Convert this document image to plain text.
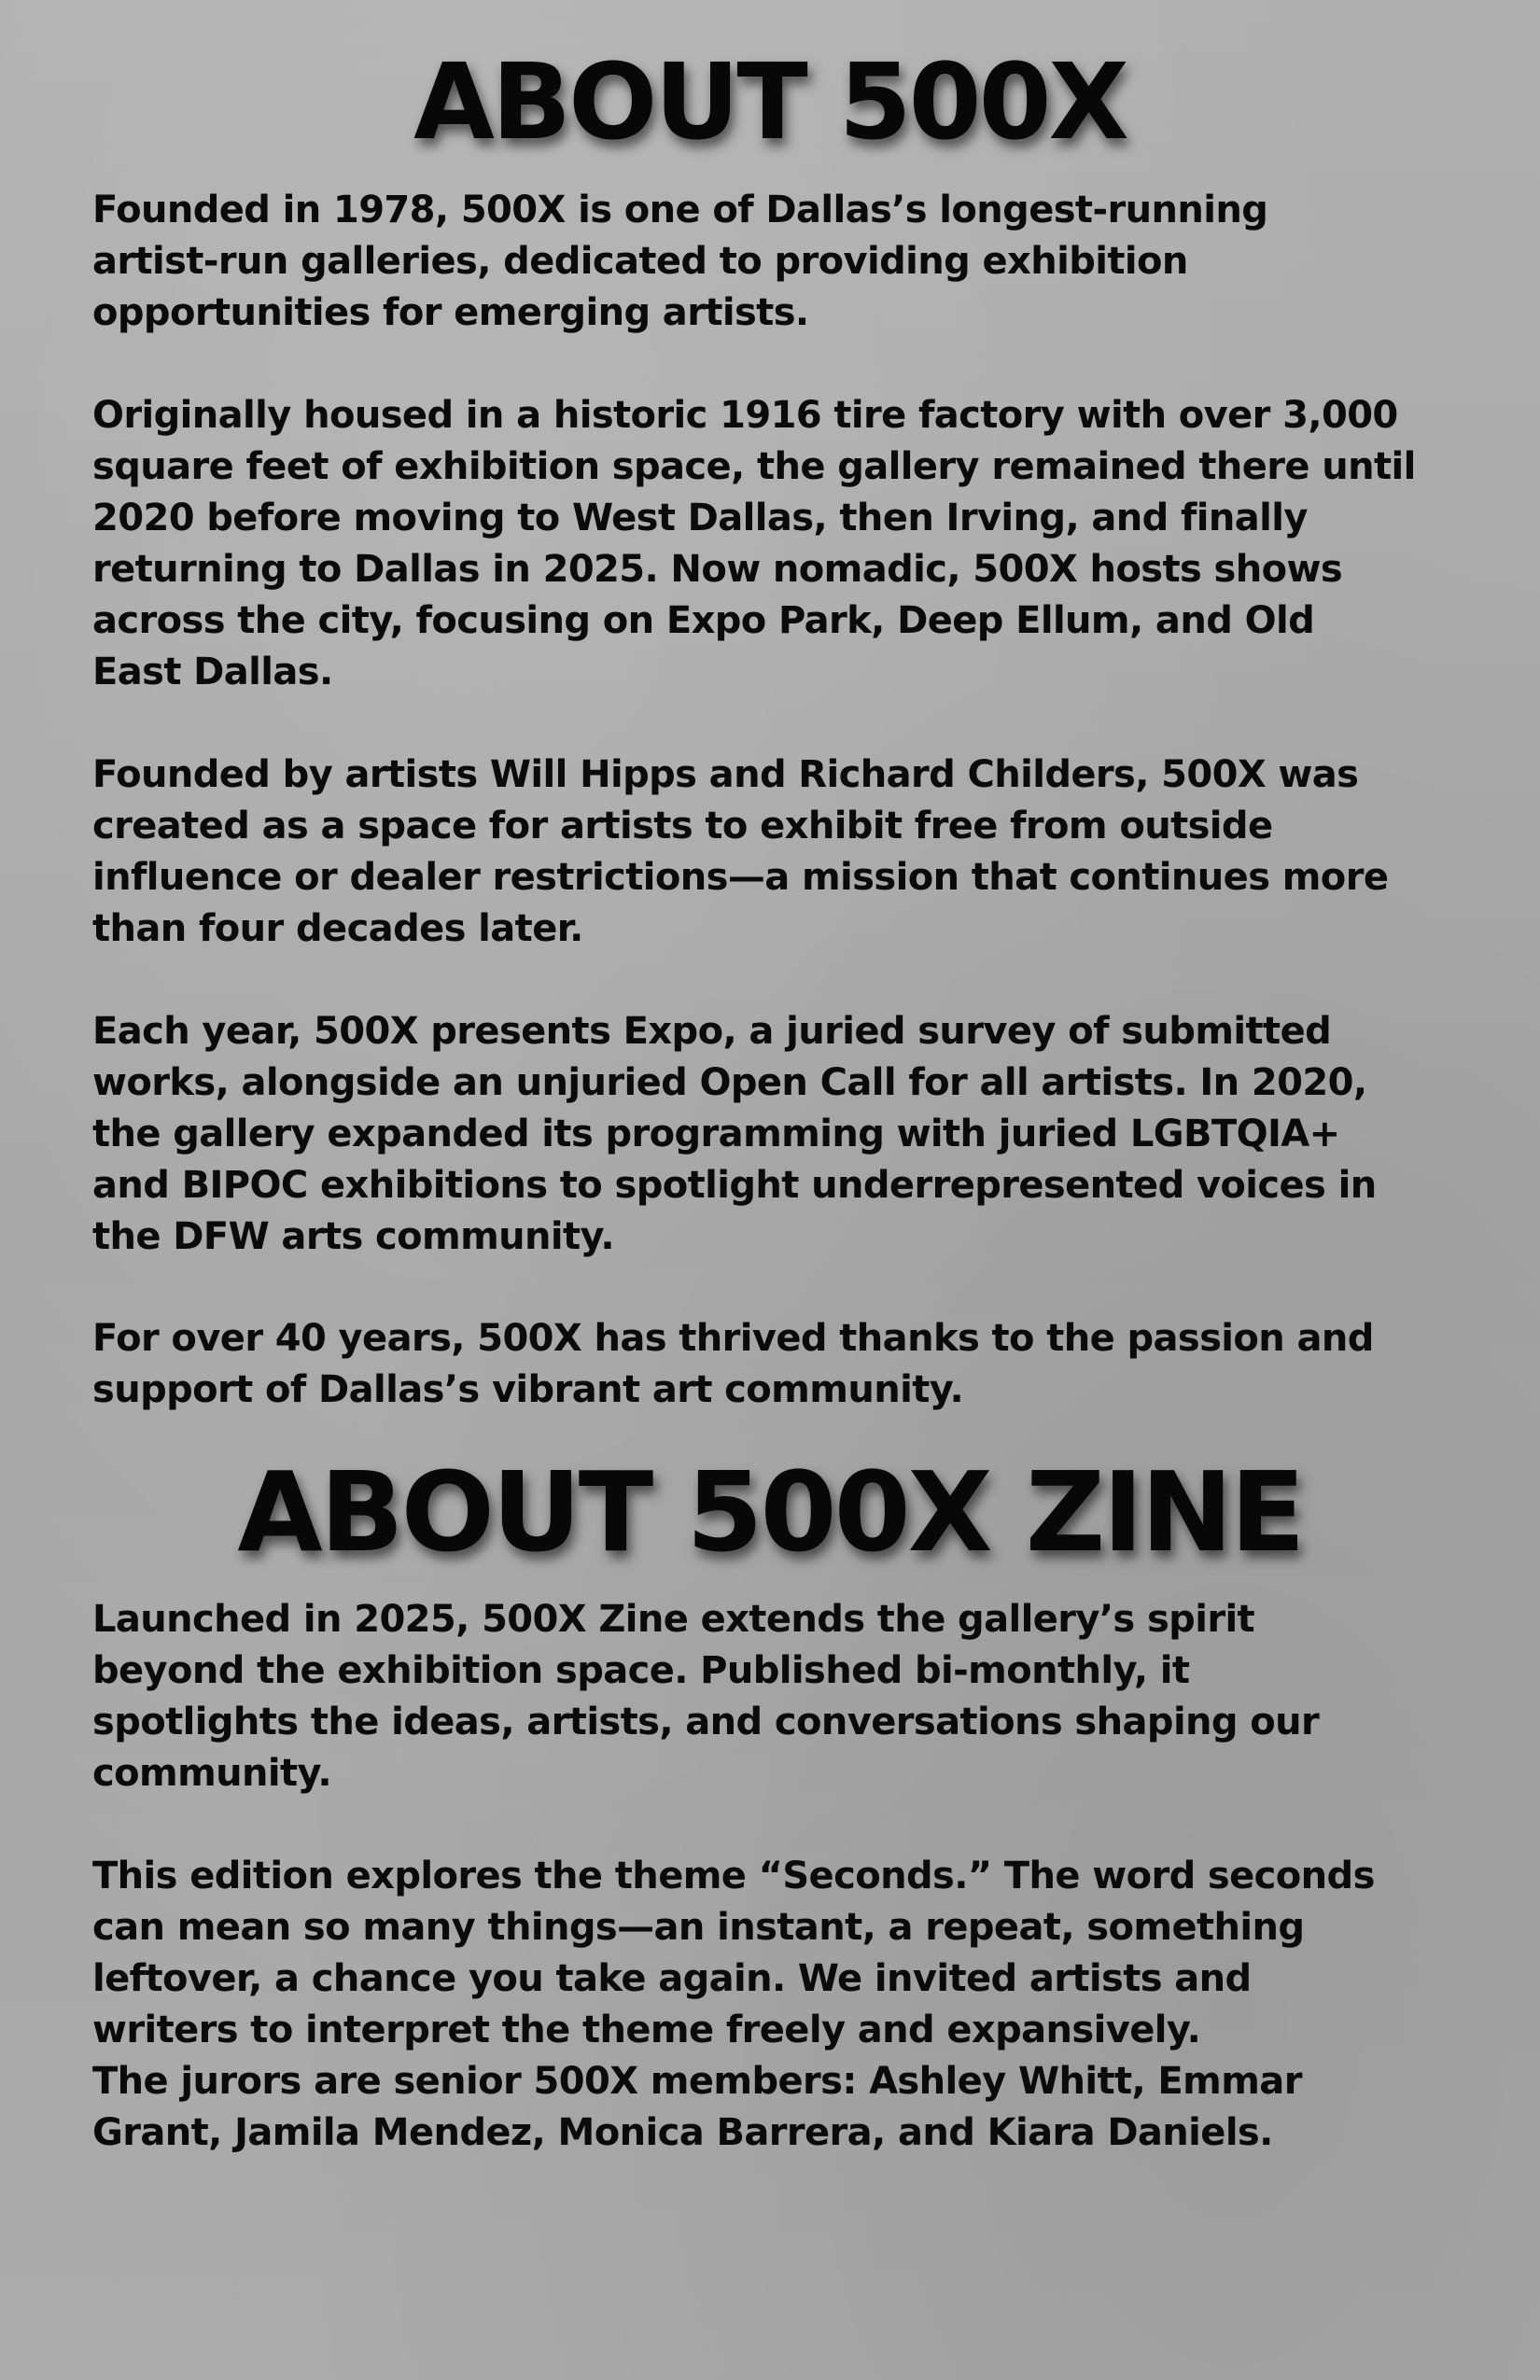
ABOUT 500X

Founded in 1978, 500X is one of Dallas’s longest-running
artist-run galleries, dedicated to providing exhibition
opportunities for emerging artists.

Originally housed in a historic 1916 tire factory with over 3,000
square feet of exhibition space, the gallery remained there until
2020 before moving to West Dallas, then Irving, and finally
returning to Dallas in 2025. Now nomadic, 500X hosts shows
across the city, focusing on Expo Park, Deep Ellum, and Old
East Dallas.

Founded by artists Will Hipps and Richard Childers, 500X was
created as a space for artists to exhibit free from outside
influence or dealer restrictions—a mission that continues more
than four decades later.

Each year, 500X presents Expo, a juried survey of submitted
works, alongside an unjuried Open Call for all artists. In 2020,
the gallery expanded its programming with juried LGBTQIA+
and BIPOC exhibitions to spotlight underrepresented voices in
the DFW arts community.

For over 40 years, 500X has thrived thanks to the passion and
support of Dallas’s vibrant art community.

ABOUT 500X ZINE

Launched in 2025, 500X Zine extends the gallery’s spirit
beyond the exhibition space. Published bi-monthly, it
spotlights the ideas, artists, and conversations shaping our
community.

This edition explores the theme “Seconds.” The word seconds
can mean so many things—an instant, a repeat, something
leftover, a chance you take again. We invited artists and
writers to interpret the theme freely and expansively.
The jurors are senior 500X members: Ashley Whitt, Emmar
Grant, Jamila Mendez, Monica Barrera, and Kiara Daniels.
